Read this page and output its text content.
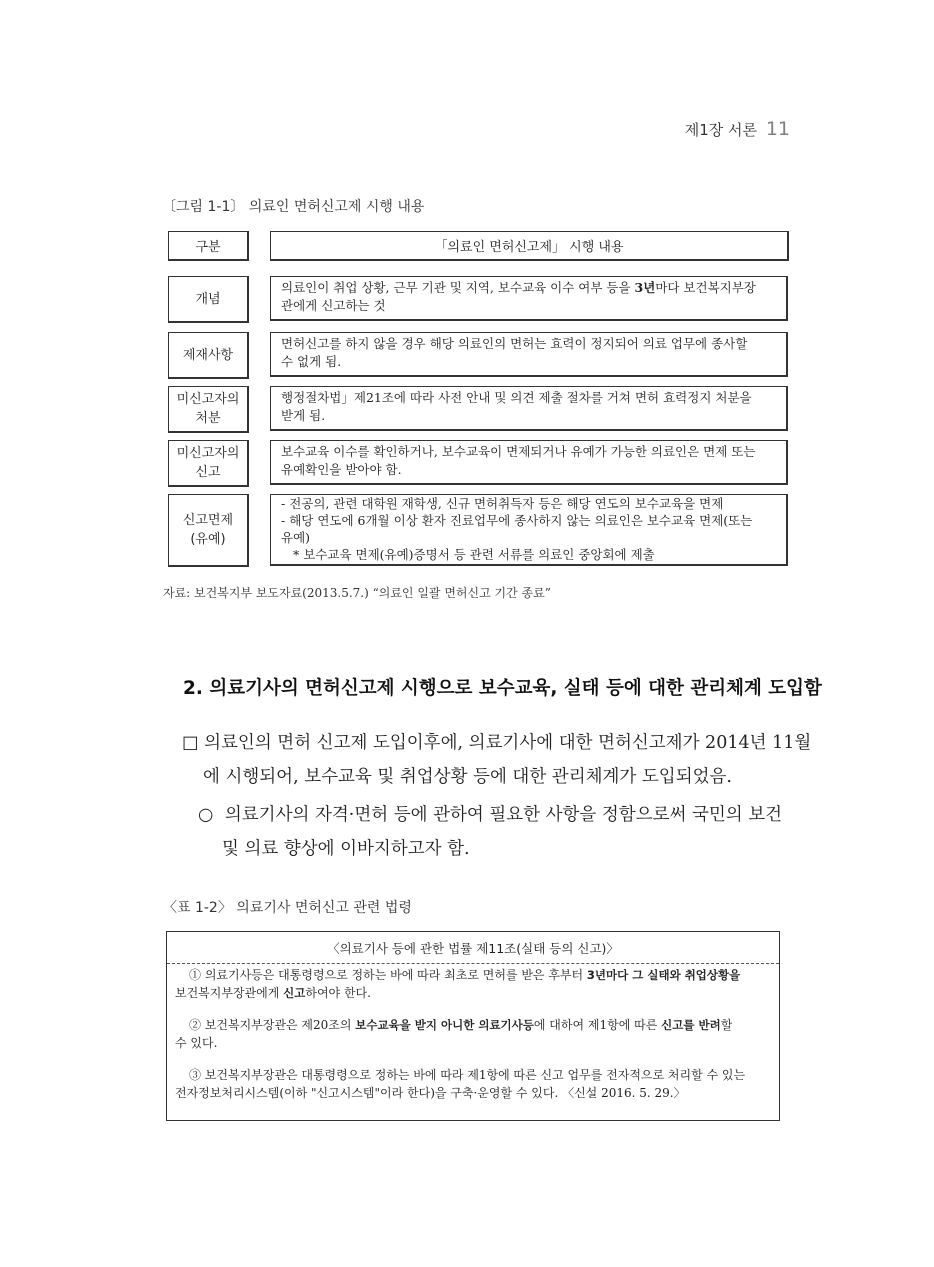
제1장 서론 11
〔그림 1-1〕 의료인 면허신고제 시행 내용
구분	「의료인 면허신고제」 시행 내용
개념
의료인이 취업 상황, 근무 기관 및 지역, 보수교육 이수 여부 등을 3년마다 보건복지부장
관에게 신고하는 것
제재사항
면허신고를 하지 않을 경우 해당 의료인의 면허는 효력이 정지되어 의료 업무에 종사할
수 없게 됨.
미신고자의
처분
행정절차법」제21조에 따라 사전 안내 및 의견 제출 절차를 거쳐 면허 효력정지 처분을
받게 됨.
미신고자의
신고
보수교육 이수를 확인하거나, 보수교육이 면제되거나 유예가 가능한 의료인은 면제 또는
유예확인을 받아야 함.
신고면제
(유예)
- 전공의, 관련 대학원 재학생, 신규 면허취득자 등은 해당 연도의 보수교육을 면제
- 해당 연도에 6개월 이상 환자 진료업무에 종사하지 않는 의료인은 보수교육 면제(또는
유예)
* 보수교육 면제(유예)증명서 등 관련 서류를 의료인 중앙회에 제출
자료: 보건복지부 보도자료(2013.5.7.) “의료인 일괄 면허신고 기간 종료”
2. 의료기사의 면허신고제 시행으로 보수교육, 실태 등에 대한 관리체계 도입함
□ 의료인의 면허 신고제 도입이후에, 의료기사에 대한 면허신고제가 2014년 11월
에 시행되어, 보수교육 및 취업상황 등에 대한 관리체계가 도입되었음.
○ 의료기사의 자격·면허 등에 관하여 필요한 사항을 정함으로써 국민의 보건
및 의료 향상에 이바지하고자 함.
〈표 1-2〉 의료기사 면허신고 관련 법령
〈의료기사 등에 관한 법률 제11조(실태 등의 신고)〉

① 의료기사등은 대통령령으로 정하는 바에 따라 최초로 면허를 받은 후부터 3년마다 그 실태와 취업상황을
보건복지부장관에게 신고하여야 한다.

② 보건복지부장관은 제20조의 보수교육을 받지 아니한 의료기사등에 대하여 제1항에 따른 신고를 반려할
수 있다.

③ 보건복지부장관은 대통령령으로 정하는 바에 따라 제1항에 따른 신고 업무를 전자적으로 처리할 수 있는
전자정보처리시스템(이하 "신고시스템"이라 한다)을 구축·운영할 수 있다. 〈신설 2016. 5. 29.〉
